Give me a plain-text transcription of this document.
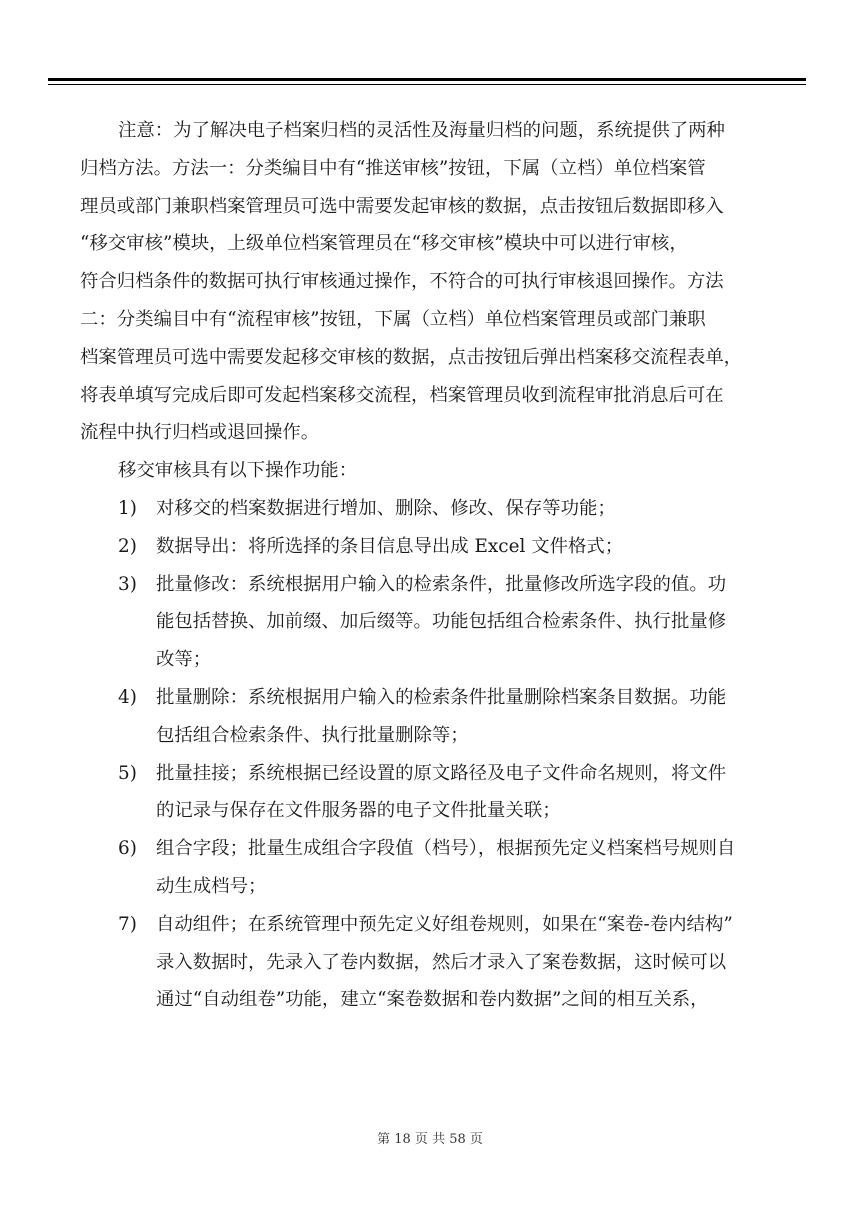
注意：为了解决电子档案归档的灵活性及海量归档的问题，系统提供了两种

归档方法。方法一：分类编目中有“推送审核”按钮，下属（立档）单位档案管

理员或部门兼职档案管理员可选中需要发起审核的数据，点击按钮后数据即移入

“移交审核”模块，上级单位档案管理员在“移交审核”模块中可以进行审核，

符合归档条件的数据可执行审核通过操作，不符合的可执行审核退回操作。方法

二：分类编目中有“流程审核”按钮，下属（立档）单位档案管理员或部门兼职

档案管理员可选中需要发起移交审核的数据，点击按钮后弹出档案移交流程表单，

将表单填写完成后即可发起档案移交流程，档案管理员收到流程审批消息后可在

流程中执行归档或退回操作。

移交审核具有以下操作功能：

1)	对移交的档案数据进行增加、删除、修改、保存等功能；

2)	数据导出：将所选择的条目信息导出成 Excel 文件格式；

3)	批量修改：系统根据用户输入的检索条件，批量修改所选字段的值。功

能包括替换、加前缀、加后缀等。功能包括组合检索条件、执行批量修

改等；

4)	批量删除：系统根据用户输入的检索条件批量删除档案条目数据。功能

包括组合检索条件、执行批量删除等；

5)	批量挂接；系统根据已经设置的原文路径及电子文件命名规则，将文件

的记录与保存在文件服务器的电子文件批量关联；

6)	组合字段；批量生成组合字段值（档号），根据预先定义档案档号规则自

动生成档号；

7)	自动组件；在系统管理中预先定义好组卷规则，如果在“案卷-卷内结构”

录入数据时，先录入了卷内数据，然后才录入了案卷数据，这时候可以

通过“自动组卷”功能，建立“案卷数据和卷内数据”之间的相互关系，

第 18 页 共 58 页
